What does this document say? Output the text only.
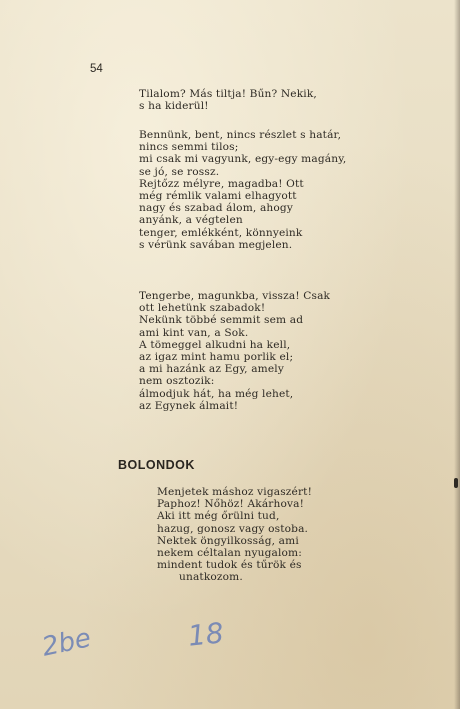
54
Tilalom? Más tiltja! Bűn? Nekik,
s ha kiderül!
Bennünk, bent, nincs részlet s határ,
nincs semmi tilos;
mi csak mi vagyunk, egy-egy magány,
se jó, se rossz.
Rejtőzz mélyre, magadba! Ott
még rémlik valami elhagyott
nagy és szabad álom, ahogy
anyánk, a végtelen
tenger, emlékként, könnyeink
s vérünk savában megjelen.
Tengerbe, magunkba, vissza! Csak
ott lehetünk szabadok!
Nekünk többé semmit sem ad
ami kint van, a Sok.
A tömeggel alkudni ha kell,
az igaz mint hamu porlik el;
a mi hazánk az Egy, amely
nem osztozik:
álmodjuk hát, ha még lehet,
az Egynek álmait!
BOLONDOK
Menjetek máshoz vigaszért!
Paphoz! Nőhöz! Akárhova!
Aki itt még őrülni tud,
hazug, gonosz vagy ostoba.
Nektek öngyilkosság, ami
nekem céltalan nyugalom:
mindent tudok és tűrök és
unatkozom.
2be	18
